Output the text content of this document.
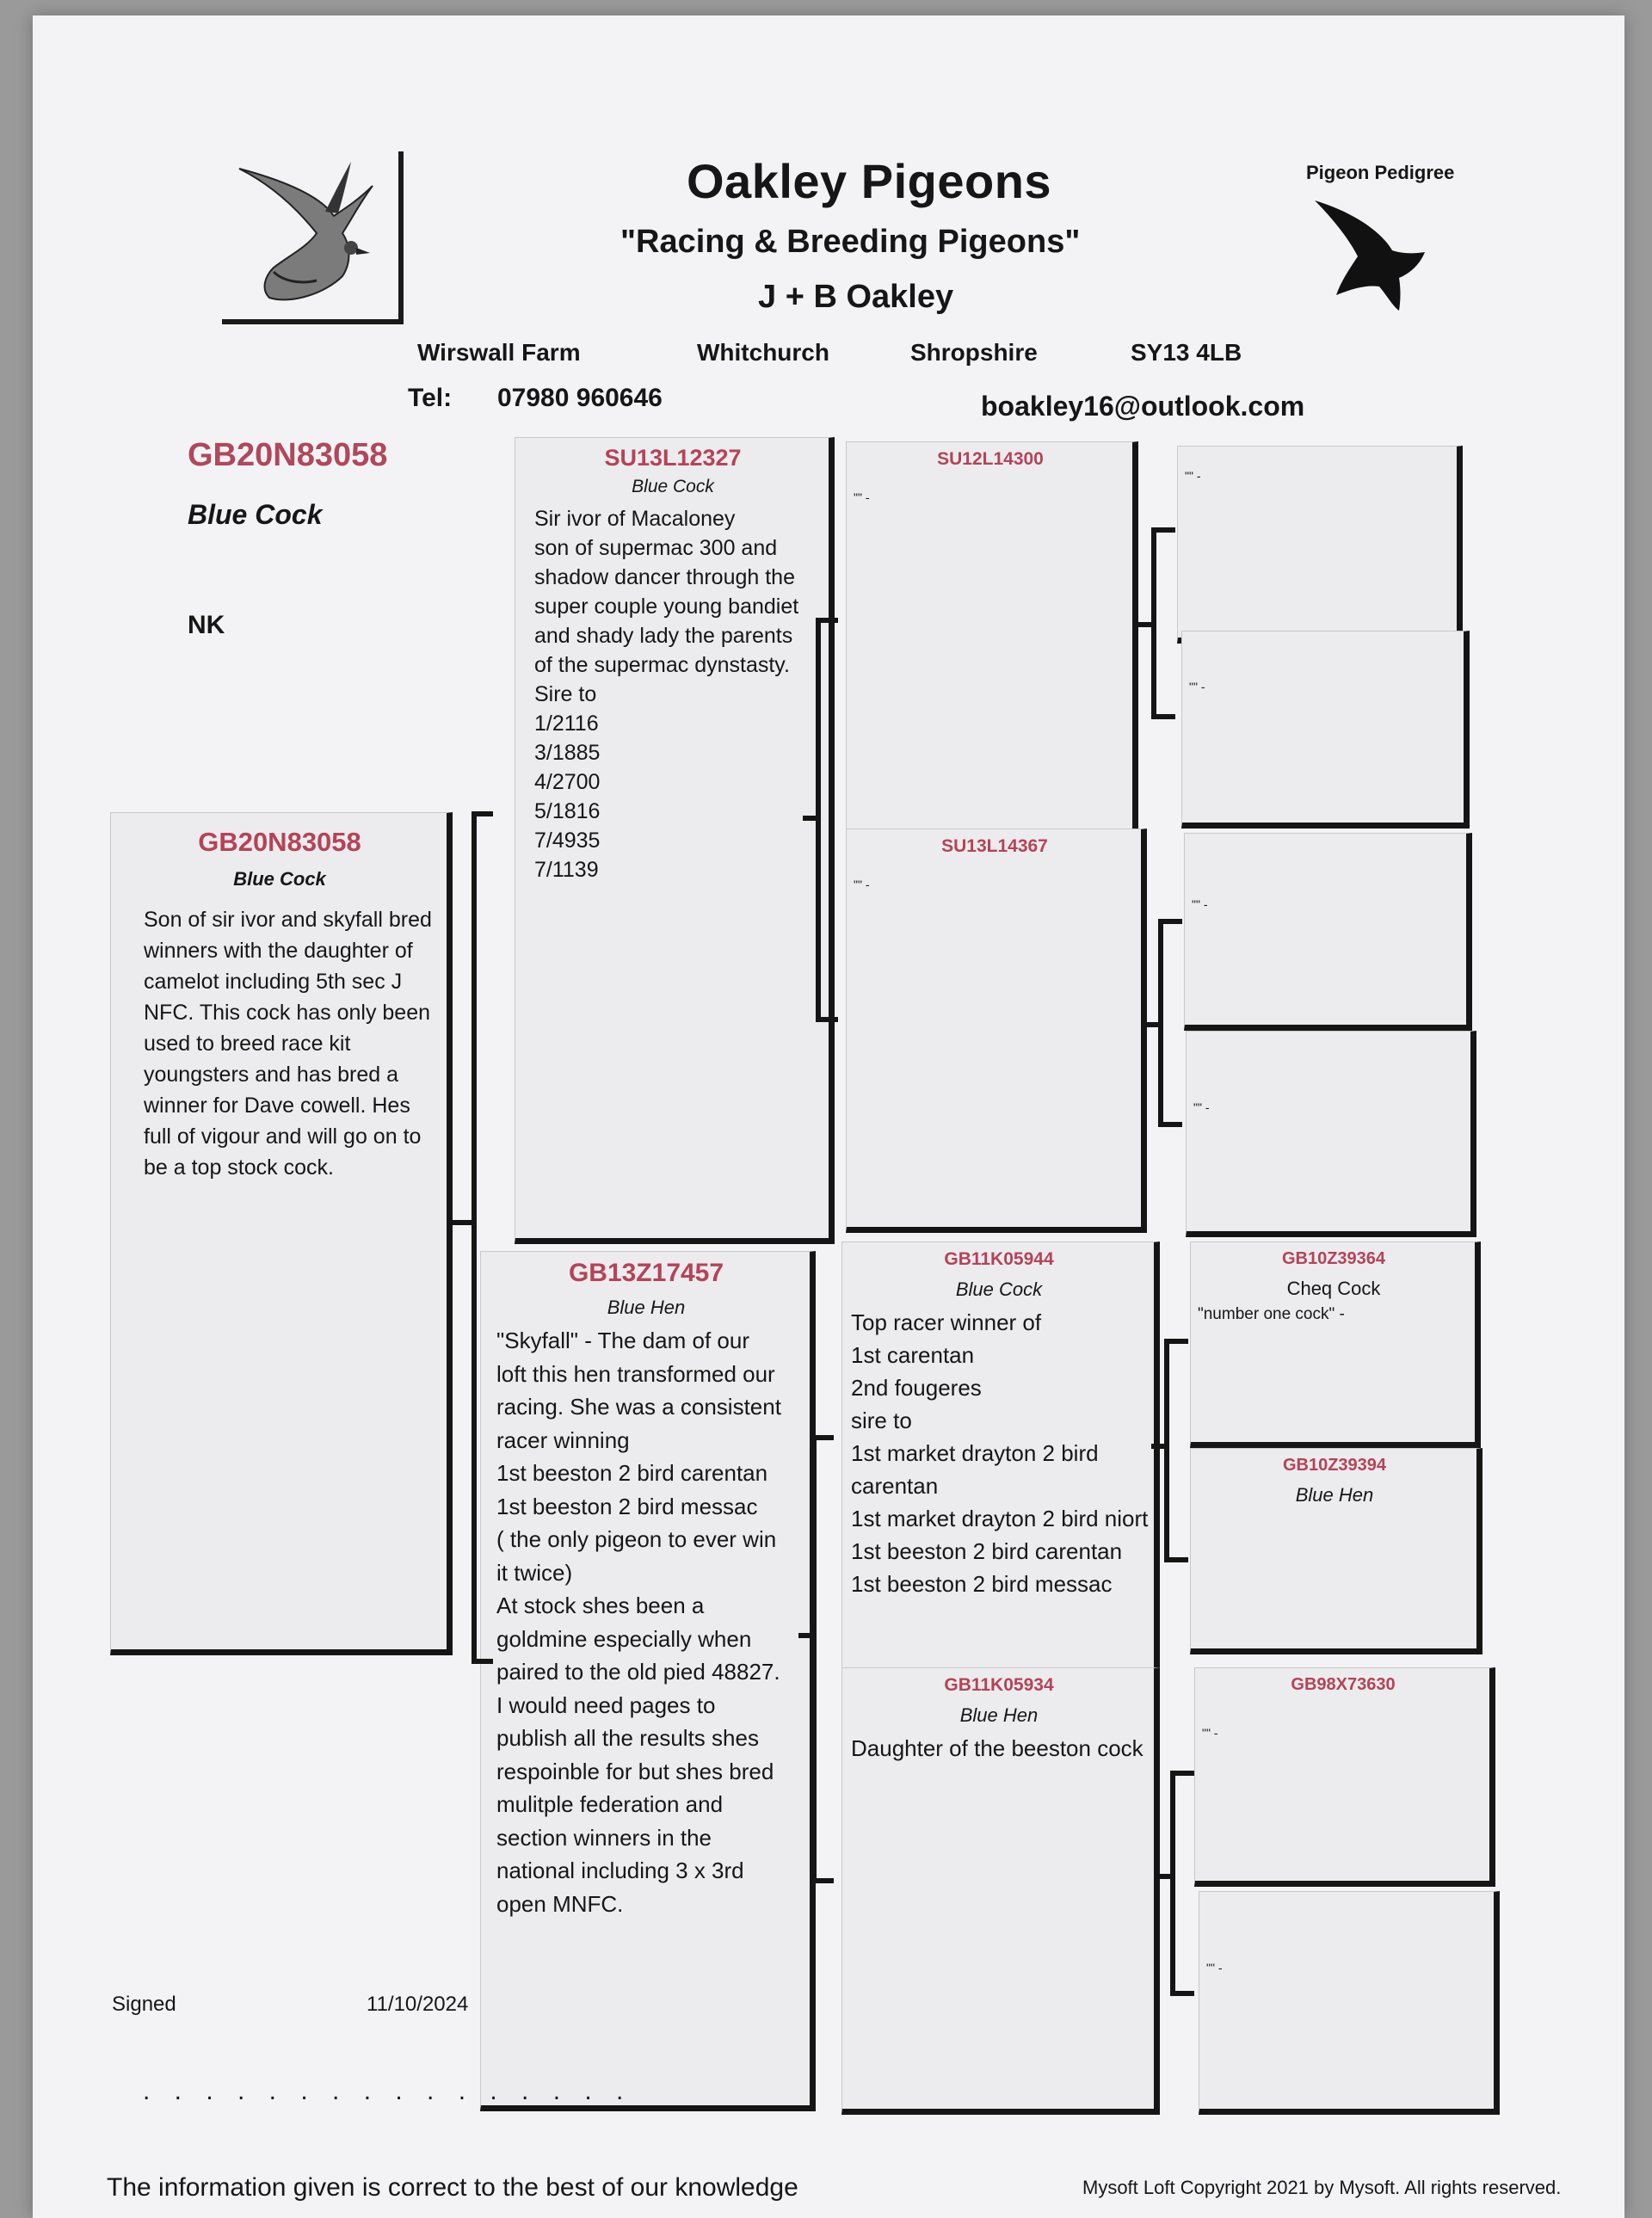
Oakley Pigeons
"Racing & Breeding Pigeons"
J + B Oakley
Pigeon Pedigree
Wirswall Farm	Whitchurch	Shropshire	SY13 4LB
Tel: 07980 960646	boakley16@outlook.com
GB20N83058
Blue Cock
NK
GB20N83058
Blue Cock
Son of sir ivor and skyfall bred winners with the daughter of camelot including 5th sec J NFC. This cock has only been used to breed race kit youngsters and has bred a winner for Dave cowell. Hes full of vigour and will go on to be a top stock cock.
SU13L12327
Blue Cock
Sir ivor of Macaloney
son of supermac 300 and
shadow dancer through the
super couple young bandiet
and shady lady the parents
of the supermac dynstasty.
Sire to
1/2116
3/1885
4/2700
5/1816
7/4935
7/1139
GB13Z17457
Blue Hen
"Skyfall" - The dam of our
loft this hen transformed our
racing. She was a consistent
racer winning
1st beeston 2 bird carentan
1st beeston 2 bird messac
( the only pigeon to ever win
it twice)
At stock shes been a
goldmine especially when
paired to the old pied 48827.
I would need pages to
publish all the results shes
respoinble for but shes bred
mulitple federation and
section winners in the
national including 3 x 3rd
open MNFC.
SU12L14300
"" -
SU13L14367
"" -
GB11K05944
Blue Cock
Top racer winner of
1st carentan
2nd fougeres
sire to
1st market drayton 2 bird
carentan
1st market drayton 2 bird niort
1st beeston 2 bird carentan
1st beeston 2 bird messac
GB11K05934
Blue Hen
Daughter of the beeston cock
"" -
"" -
"" -
"" -
GB10Z39364
Cheq Cock
"number one cock" -
GB10Z39394
Blue Hen
GB98X73630
"" -
"" -
Signed	11/10/2024
. . . . . . . . . . . . . . . .
The information given is correct to the best of our knowledge	Mysoft Loft Copyright 2021 by Mysoft. All rights reserved.
